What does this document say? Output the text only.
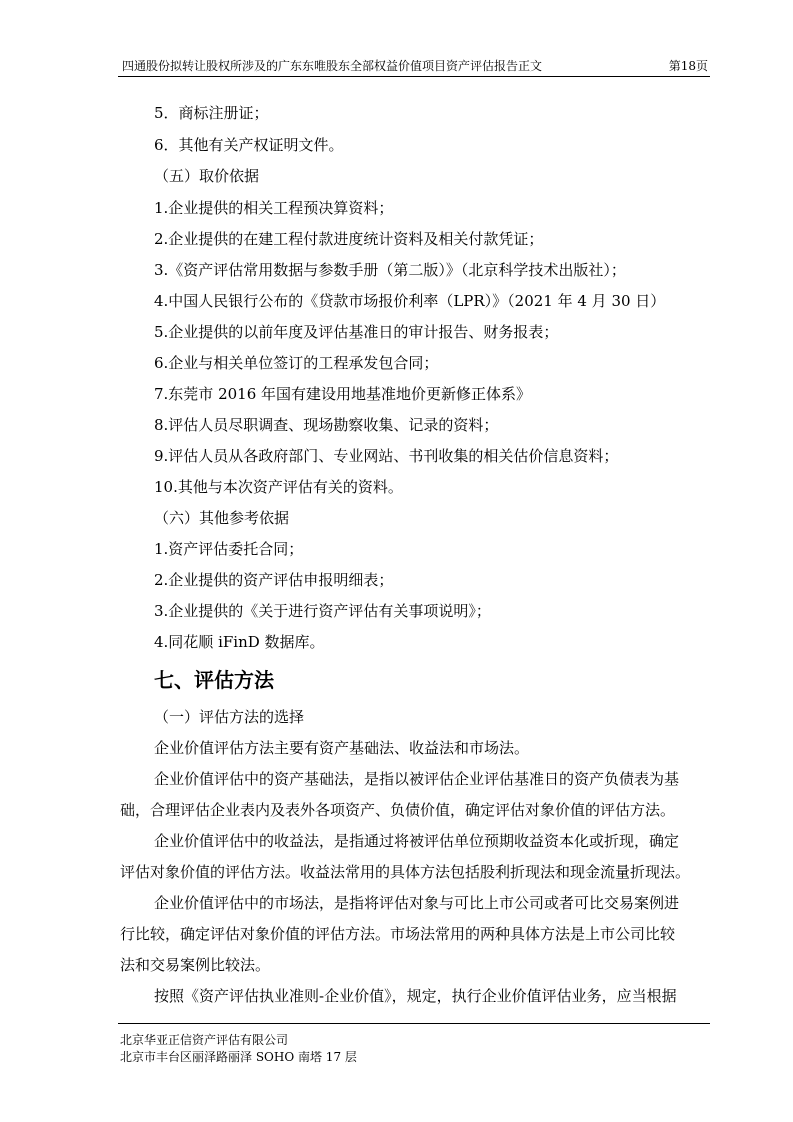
四通股份拟转让股权所涉及的广东东唯股东全部权益价值项目资产评估报告正文	第18页
5．商标注册证；
6．其他有关产权证明文件。
（五）取价依据
1.企业提供的相关工程预决算资料；
2.企业提供的在建工程付款进度统计资料及相关付款凭证；
3.《资产评估常用数据与参数手册（第二版）》（北京科学技术出版社）；
4.中国人民银行公布的《贷款市场报价利率（LPR）》（2021 年 4 月 30 日）
5.企业提供的以前年度及评估基准日的审计报告、财务报表；
6.企业与相关单位签订的工程承发包合同；
7.东莞市 2016 年国有建设用地基准地价更新修正体系》
8.评估人员尽职调查、现场勘察收集、记录的资料；
9.评估人员从各政府部门、专业网站、书刊收集的相关估价信息资料；
10.其他与本次资产评估有关的资料。
（六）其他参考依据
1.资产评估委托合同；
2.企业提供的资产评估申报明细表；
3.企业提供的《关于进行资产评估有关事项说明》；
4.同花顺 iFinD 数据库。
七、评估方法
（一）评估方法的选择
企业价值评估方法主要有资产基础法、收益法和市场法。
企业价值评估中的资产基础法，是指以被评估企业评估基准日的资产负债表为基
础，合理评估企业表内及表外各项资产、负债价值，确定评估对象价值的评估方法。
企业价值评估中的收益法，是指通过将被评估单位预期收益资本化或折现，确定
评估对象价值的评估方法。收益法常用的具体方法包括股利折现法和现金流量折现法。
企业价值评估中的市场法，是指将评估对象与可比上市公司或者可比交易案例进
行比较，确定评估对象价值的评估方法。市场法常用的两种具体方法是上市公司比较
法和交易案例比较法。
按照《资产评估执业准则-企业价值》，规定，执行企业价值评估业务，应当根据
北京华亚正信资产评估有限公司
北京市丰台区丽泽路丽泽 SOHO 南塔 17 层
